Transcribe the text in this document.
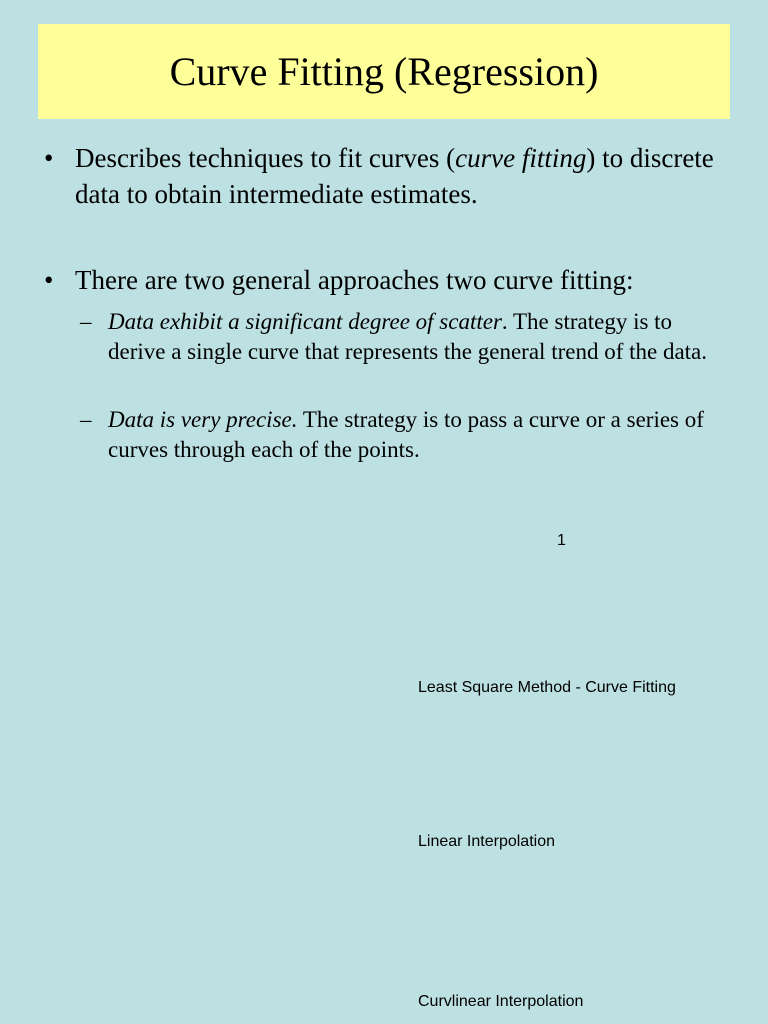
Curve Fitting (Regression)
• Describes techniques to fit curves (curve fitting) to discrete data to obtain intermediate estimates.
• There are two general approaches two curve fitting:
– Data exhibit a significant degree of scatter. The strategy is to derive a single curve that represents the general trend of the data.
– Data is very precise. The strategy is to pass a curve or a series of curves through each of the points.
1
Least Square Method - Curve Fitting
Linear Interpolation
Curvlinear Interpolation
